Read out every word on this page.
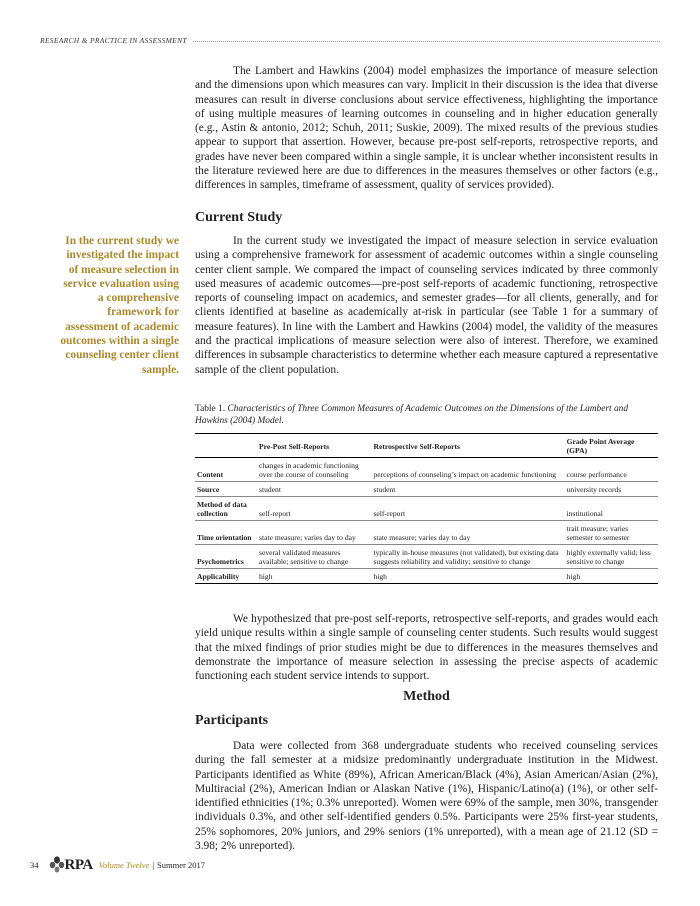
RESEARCH & PRACTICE IN ASSESSMENT

The Lambert and Hawkins (2004) model emphasizes the importance of measure selection and the dimensions upon which measures can vary. Implicit in their discussion is the idea that diverse measures can result in diverse conclusions about service effectiveness, highlighting the importance of using multiple measures of learning outcomes in counseling and in higher education generally (e.g., Astin & antonio, 2012; Schuh, 2011; Suskie, 2009). The mixed results of the previous studies appear to support that assertion. However, because pre-post self-reports, retrospective reports, and grades have never been compared within a single sample, it is unclear whether inconsistent results in the literature reviewed here are due to differences in the measures themselves or other factors (e.g., differences in samples, timeframe of assessment, quality of services provided).

Current Study
In the current study we investigated the impact of measure selection in service evaluation using a comprehensive framework for assessment of academic outcomes within a single counseling center client sample.

In the current study we investigated the impact of measure selection in service evaluation using a comprehensive framework for assessment of academic outcomes within a single counseling center client sample. We compared the impact of counseling services indicated by three commonly used measures of academic outcomes—pre-post self-reports of academic functioning, retrospective reports of counseling impact on academics, and semester grades—for all clients, generally, and for clients identified at baseline as academically at-risk in particular (see Table 1 for a summary of measure features). In line with the Lambert and Hawkins (2004) model, the validity of the measures and the practical implications of measure selection were also of interest. Therefore, we examined differences in subsample characteristics to determine whether each measure captured a representative sample of the client population.

Table 1. Characteristics of Three Common Measures of Academic Outcomes on the Dimensions of the Lambert and Hawkins (2004) Model.

	Pre-Post Self-Reports	Retrospective Self-Reports	Grade Point Average (GPA)
Content	changes in academic functioning over the course of counseling	perceptions of counseling’s impact on academic functioning	course performance
Source	student	student	university records
Method of data collection	self-report	self-report	institutional
Time orientation	state measure; varies day to day	state measure; varies day to day	trait measure; varies semester to semester
Psychometrics	several validated measures available; sensitive to change	typically in-house measures (not validated), but existing data suggests reliability and validity; sensitive to change	highly externally valid; less sensitive to change
Applicability	high	high	high

We hypothesized that pre-post self-reports, retrospective self-reports, and grades would each yield unique results within a single sample of counseling center students. Such results would suggest that the mixed findings of prior studies might be due to differences in the measures themselves and demonstrate the importance of measure selection in assessing the precise aspects of academic functioning each student service intends to support.

Method
Participants

Data were collected from 368 undergraduate students who received counseling services during the fall semester at a midsize predominantly undergraduate institution in the Midwest. Participants identified as White (89%), African American/Black (4%), Asian American/Asian (2%), Multiracial (2%), American Indian or Alaskan Native (1%), Hispanic/Latino(a) (1%), or other self-identified ethnicities (1%; 0.3% unreported). Women were 69% of the sample, men 30%, transgender individuals 0.3%, and other self-identified genders 0.5%. Participants were 25% first-year students, 25% sophomores, 20% juniors, and 29% seniors (1% unreported), with a mean age of 21.12 (SD = 3.98; 2% unreported).

34 RPA Volume Twelve | Summer 2017
